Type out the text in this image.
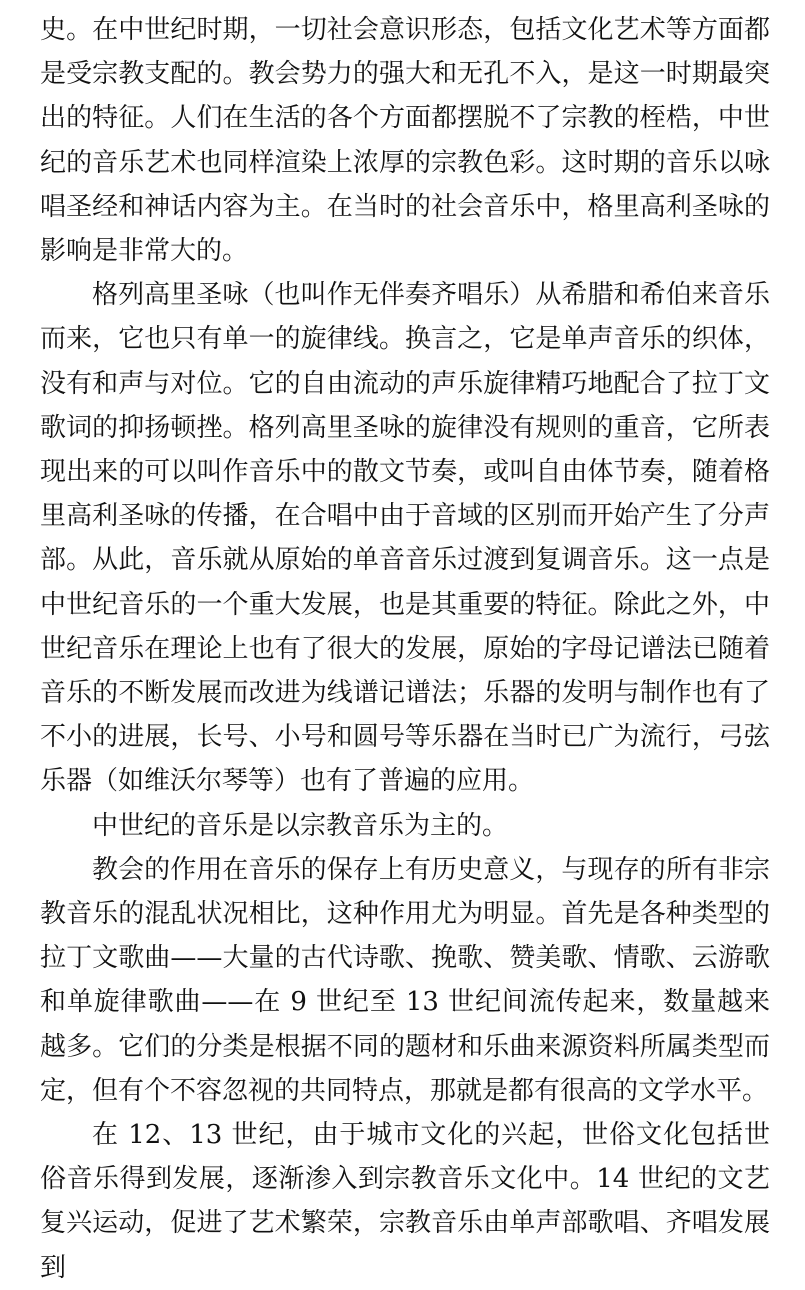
史。在中世纪时期，一切社会意识形态，包括文化艺术等方面都是受宗教支配的。教会势力的强大和无孔不入，是这一时期最突出的特征。人们在生活的各个方面都摆脱不了宗教的桎梏，中世纪的音乐艺术也同样渲染上浓厚的宗教色彩。这时期的音乐以咏唱圣经和神话内容为主。在当时的社会音乐中，格里高利圣咏的影响是非常大的。

格列高里圣咏（也叫作无伴奏齐唱乐）从希腊和希伯来音乐而来，它也只有单一的旋律线。换言之，它是单声音乐的织体，没有和声与对位。它的自由流动的声乐旋律精巧地配合了拉丁文歌词的抑扬顿挫。格列高里圣咏的旋律没有规则的重音，它所表现出来的可以叫作音乐中的散文节奏，或叫自由体节奏，随着格里高利圣咏的传播，在合唱中由于音域的区别而开始产生了分声部。从此，音乐就从原始的单音音乐过渡到复调音乐。这一点是中世纪音乐的一个重大发展，也是其重要的特征。除此之外，中世纪音乐在理论上也有了很大的发展，原始的字母记谱法已随着音乐的不断发展而改进为线谱记谱法；乐器的发明与制作也有了不小的进展，长号、小号和圆号等乐器在当时已广为流行，弓弦乐器（如维沃尔琴等）也有了普遍的应用。

中世纪的音乐是以宗教音乐为主的。

教会的作用在音乐的保存上有历史意义，与现存的所有非宗教音乐的混乱状况相比，这种作用尤为明显。首先是各种类型的拉丁文歌曲——大量的古代诗歌、挽歌、赞美歌、情歌、云游歌和单旋律歌曲——在 9 世纪至 13 世纪间流传起来，数量越来越多。它们的分类是根据不同的题材和乐曲来源资料所属类型而定，但有个不容忽视的共同特点，那就是都有很高的文学水平。

在 12、13 世纪，由于城市文化的兴起，世俗文化包括世俗音乐得到发展，逐渐渗入到宗教音乐文化中。14 世纪的文艺复兴运动，促进了艺术繁荣，宗教音乐由单声部歌唱、齐唱发展到
